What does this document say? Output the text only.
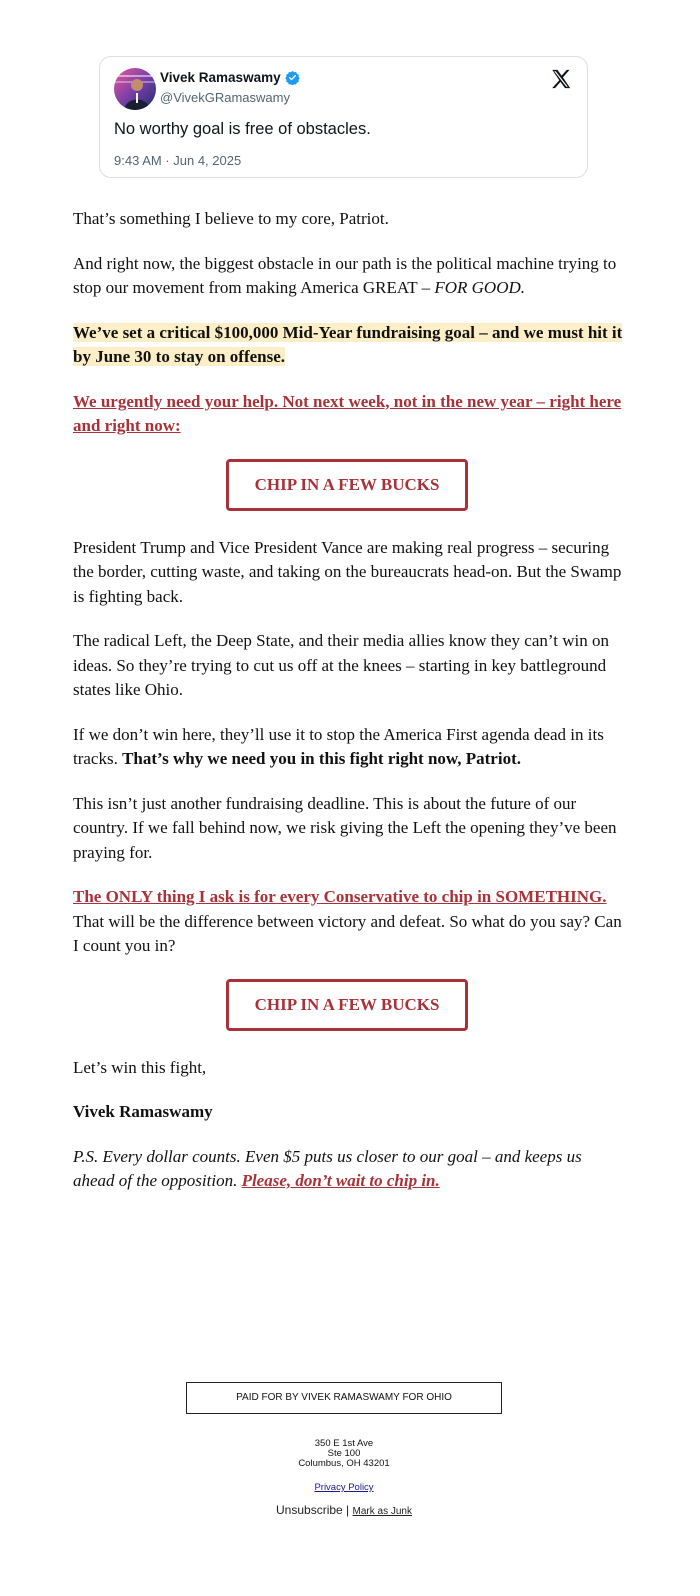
Vivek Ramaswamy
@VivekGRamaswamy
No worthy goal is free of obstacles.
9:43 AM · Jun 4, 2025

That’s something I believe to my core, Patriot.

And right now, the biggest obstacle in our path is the political machine trying to stop our movement from making America GREAT – FOR GOOD.

We’ve set a critical $100,000 Mid-Year fundraising goal – and we must hit it by June 30 to stay on offense.

We urgently need your help. Not next week, not in the new year – right here and right now:

CHIP IN A FEW BUCKS

President Trump and Vice President Vance are making real progress – securing the border, cutting waste, and taking on the bureaucrats head-on. But the Swamp is fighting back.

The radical Left, the Deep State, and their media allies know they can’t win on ideas. So they’re trying to cut us off at the knees – starting in key battleground states like Ohio.

If we don’t win here, they’ll use it to stop the America First agenda dead in its tracks. That’s why we need you in this fight right now, Patriot.

This isn’t just another fundraising deadline. This is about the future of our country. If we fall behind now, we risk giving the Left the opening they’ve been praying for.

The ONLY thing I ask is for every Conservative to chip in SOMETHING. That will be the difference between victory and defeat. So what do you say? Can I count you in?

CHIP IN A FEW BUCKS

Let’s win this fight,

Vivek Ramaswamy

P.S. Every dollar counts. Even $5 puts us closer to our goal – and keeps us ahead of the opposition. Please, don’t wait to chip in.

PAID FOR BY VIVEK RAMASWAMY FOR OHIO
350 E 1st Ave
Ste 100
Columbus, OH 43201
Privacy Policy
Unsubscribe | Mark as Junk
